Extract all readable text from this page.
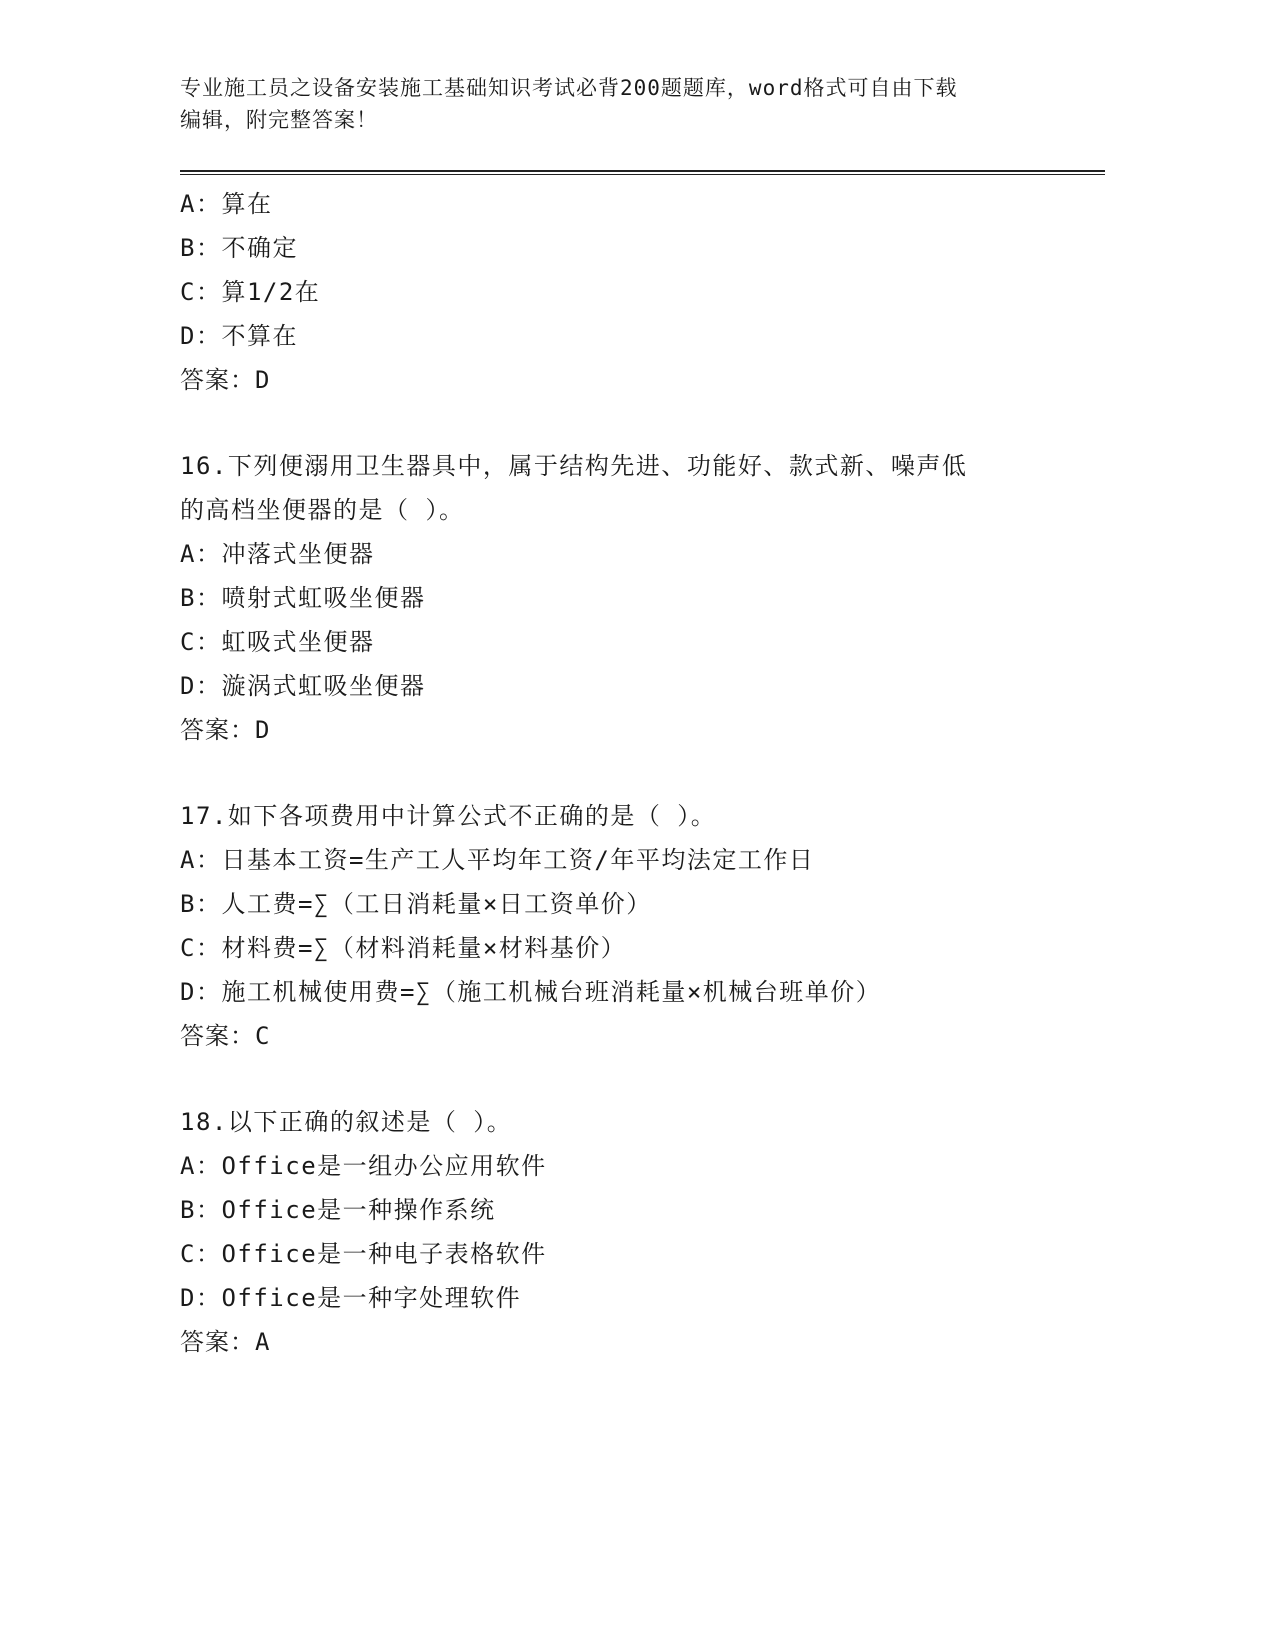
专业施工员之设备安装施工基础知识考试必背200题题库，word格式可自由下载
编辑，附完整答案！
A：算在
B：不确定
C：算1/2在
D：不算在
答案：D
16.下列便溺用卫生器具中，属于结构先进、功能好、款式新、噪声低
的高档坐便器的是（ ）。
A：冲落式坐便器
B：喷射式虹吸坐便器
C：虹吸式坐便器
D：漩涡式虹吸坐便器
答案：D
17.如下各项费用中计算公式不正确的是（ ）。
A：日基本工资=生产工人平均年工资/年平均法定工作日
B：人工费=∑（工日消耗量×日工资单价）
C：材料费=∑（材料消耗量×材料基价）
D：施工机械使用费=∑（施工机械台班消耗量×机械台班单价）
答案：C
18.以下正确的叙述是（ ）。
A：Office是一组办公应用软件
B：Office是一种操作系统
C：Office是一种电子表格软件
D：Office是一种字处理软件
答案：A
